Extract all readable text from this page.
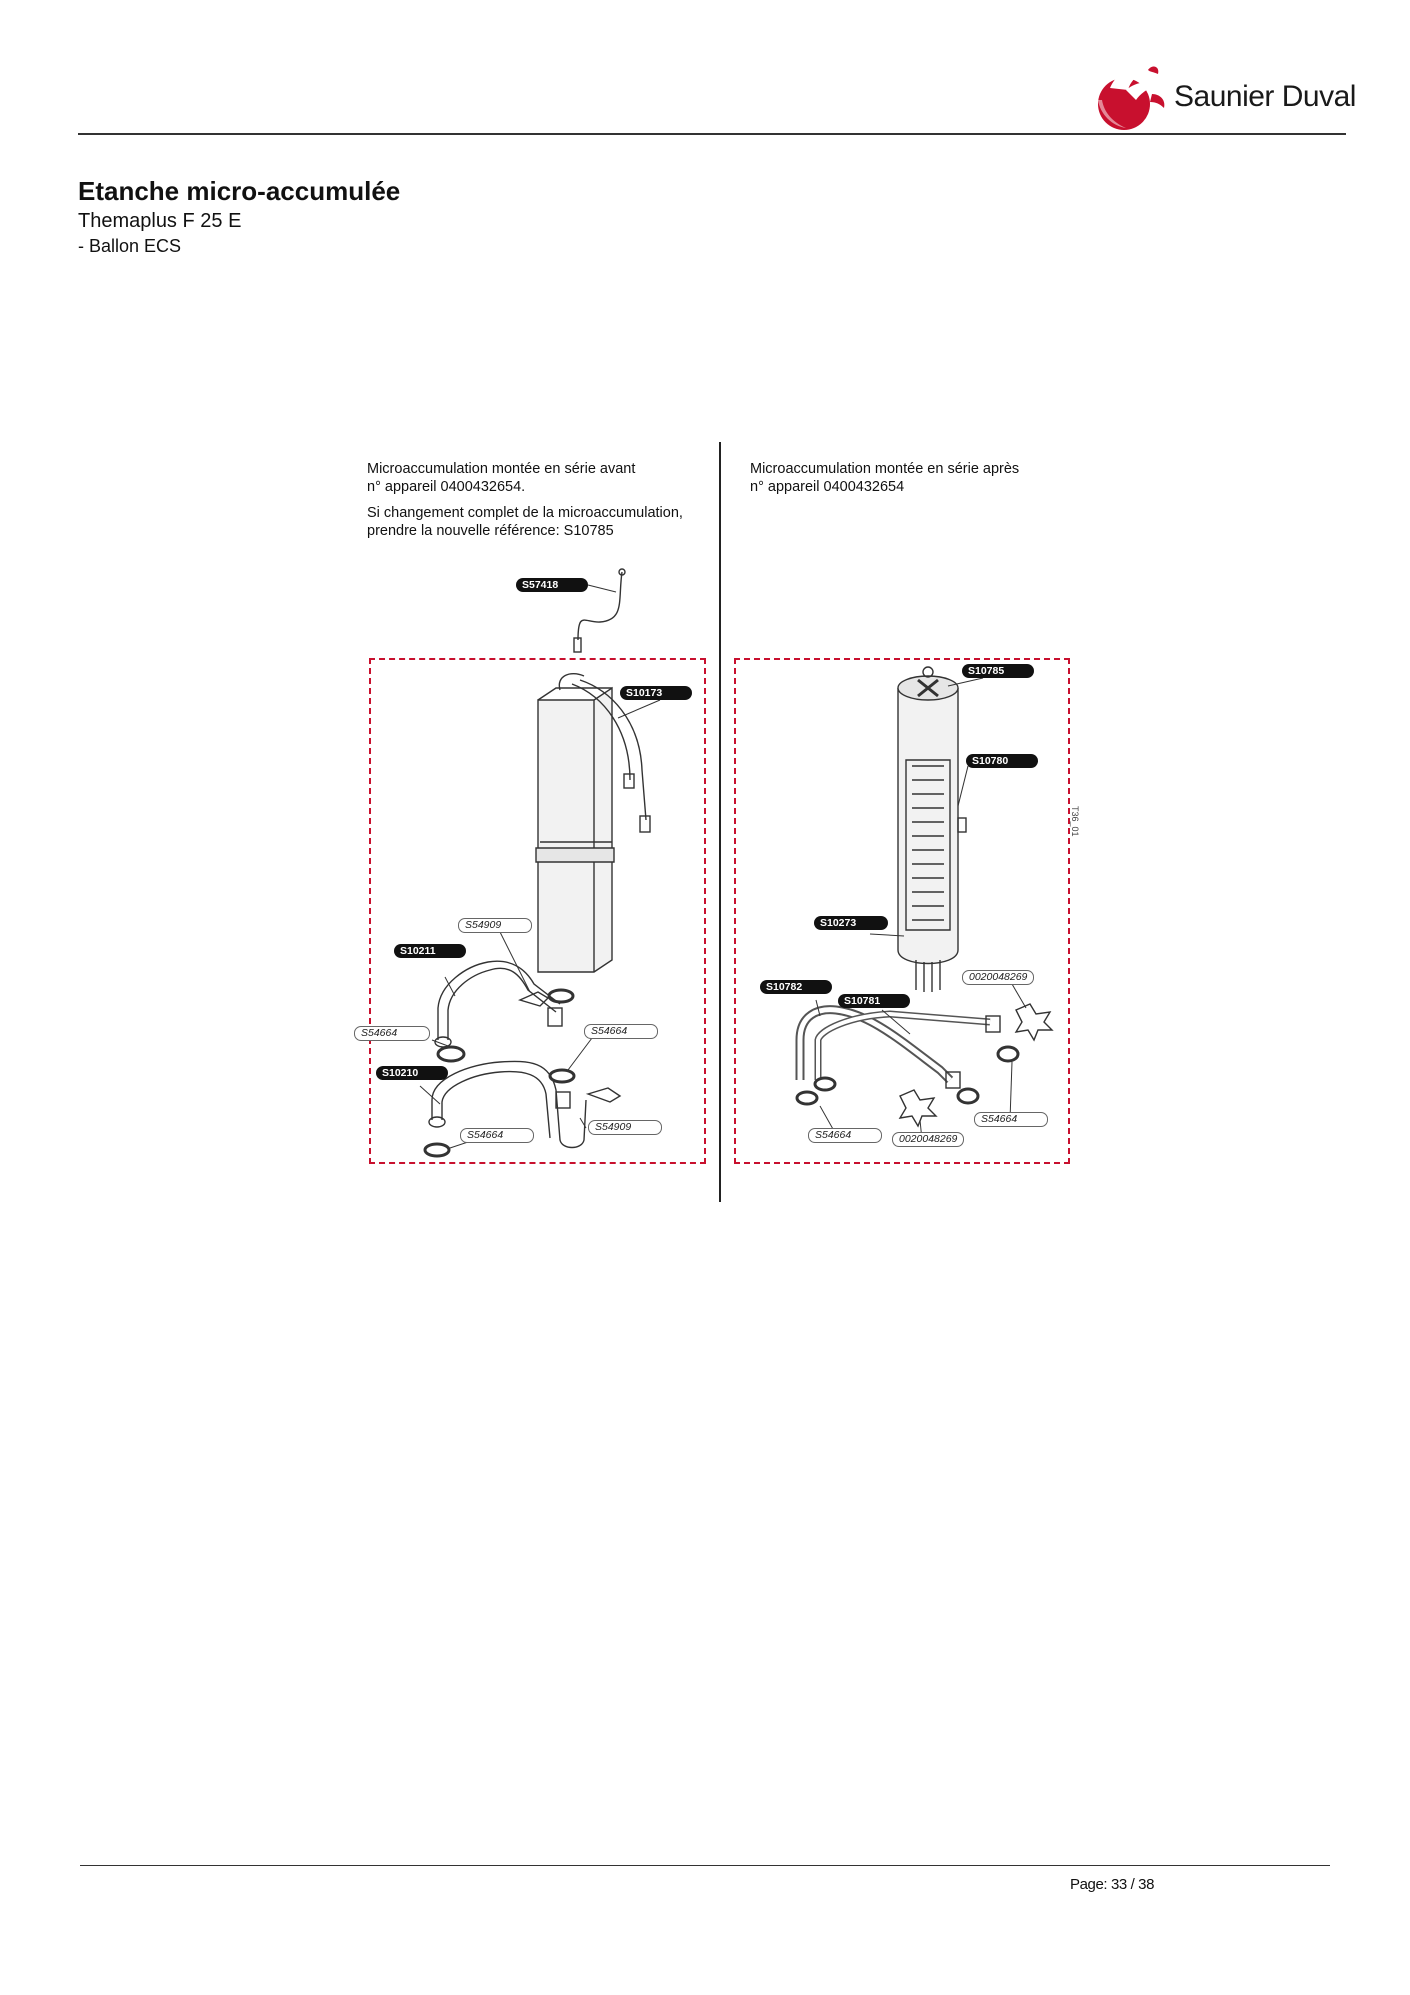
Saunier Duval
Etanche micro-accumulée
Themaplus F 25 E
- Ballon ECS
Microaccumulation montée en série avant
n° appareil 0400432654.
Si changement complet de la microaccumulation,
prendre la nouvelle référence: S10785
Microaccumulation montée en série après
n° appareil 0400432654
S57418
S10173
S54909
S10211
S54664	S54664
S10210
S54664
S54909
S10785
S10780
S10273
S10782
S10781
0020048269
S54664
S54664	0020048269
T36_01
Page: 33 / 38
